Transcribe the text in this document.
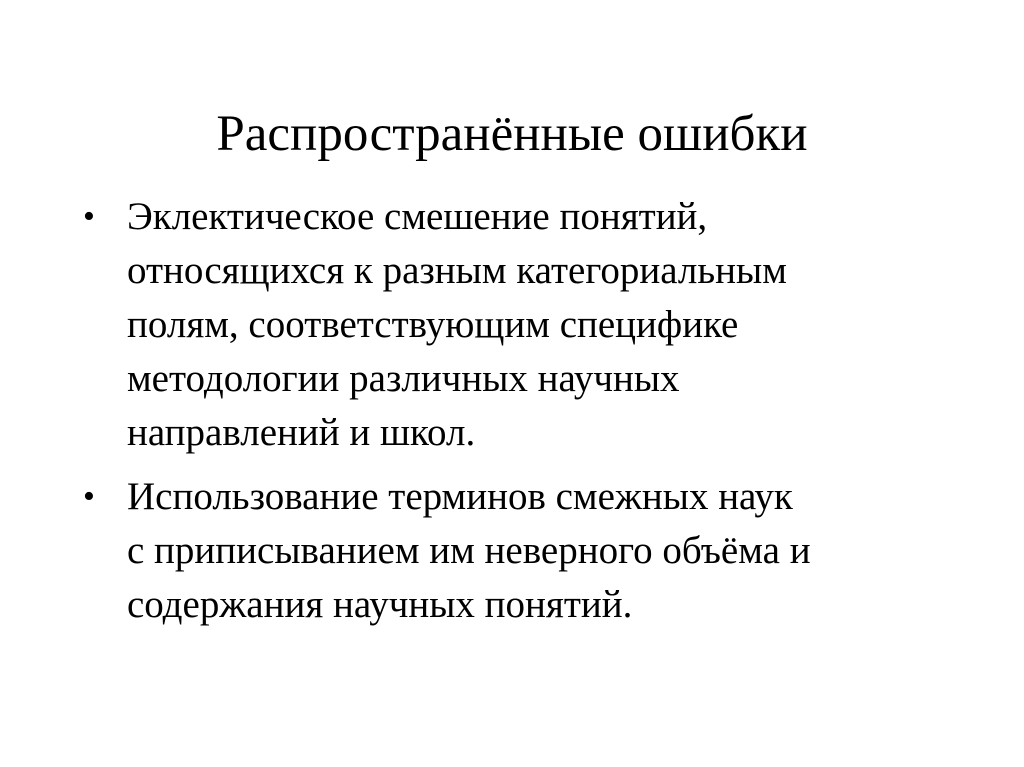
Распространённые ошибки
• Эклектическое смешение понятий,
относящихся к разным категориальным
полям, соответствующим специфике
методологии различных научных
направлений и школ.
• Использование терминов смежных наук
с приписыванием им неверного объёма и
содержания научных понятий.
